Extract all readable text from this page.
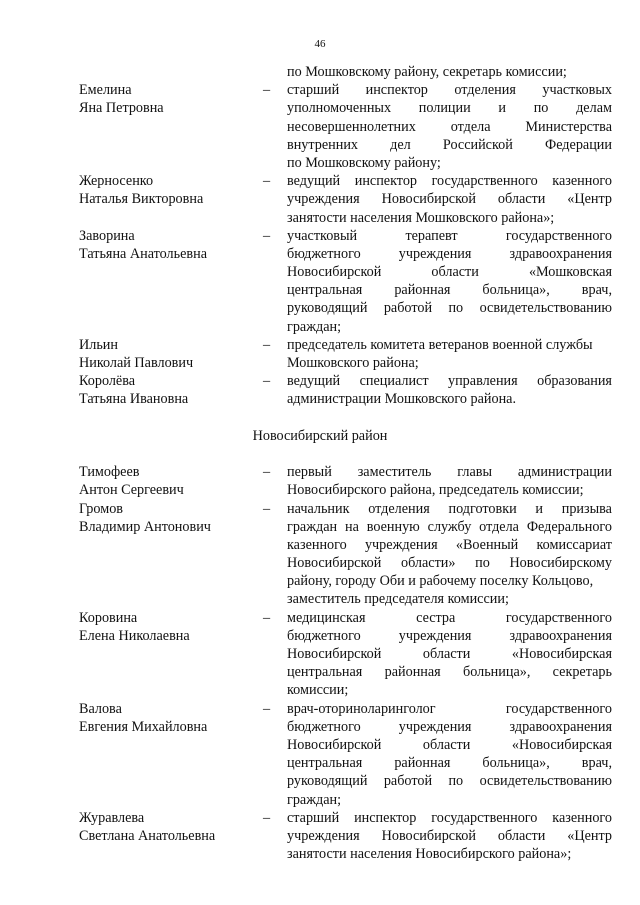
46
по Мошковскому району, секретарь комиссии;
Емелина	– старший инспектор отделения участковых
Яна Петровна	уполномоченных полиции и по делам
несовершеннолетних отдела Министерства
внутренних дел Российской Федерации
по Мошковскому району;
Жерносенко	– ведущий инспектор государственного казенного
Наталья Викторовна	учреждения Новосибирской области «Центр
занятости населения Мошковского района»;
Заворина	– участковый	терапевт	государственного
Татьяна Анатольевна	бюджетного	учреждения	здравоохранения
Новосибирской	области	«Мошковская
центральная районная больница», врач,
руководящий работой по освидетельствованию
граждан;
Ильин	– председатель комитета ветеранов военной службы
Николай Павлович	Мошковского района;
Королёва	– ведущий специалист управления образования
Татьяна Ивановна	администрации Мошковского района.
Новосибирский район
Тимофеев	– первый заместитель главы администрации
Антон Сергеевич	Новосибирского района, председатель комиссии;
Громов	– начальник отделения подготовки и призыва
Владимир Антонович	граждан на военную службу отдела Федерального
казенного учреждения «Военный комиссариат
Новосибирской области» по Новосибирскому
району, городу Оби и рабочему поселку Кольцово,
заместитель председателя комиссии;
Коровина	– медицинская	сестра	государственного
Елена Николаевна	бюджетного	учреждения	здравоохранения
Новосибирской	области	«Новосибирская
центральная районная больница», секретарь
комиссии;
Валова	– врач-оториноларинголог	государственного
Евгения Михайловна	бюджетного	учреждения	здравоохранения
Новосибирской	области	«Новосибирская
центральная районная больница», врач,
руководящий работой по освидетельствованию
граждан;
Журавлева	– старший инспектор государственного казенного
Светлана Анатольевна	учреждения Новосибирской области «Центр
занятости населения Новосибирского района»;
